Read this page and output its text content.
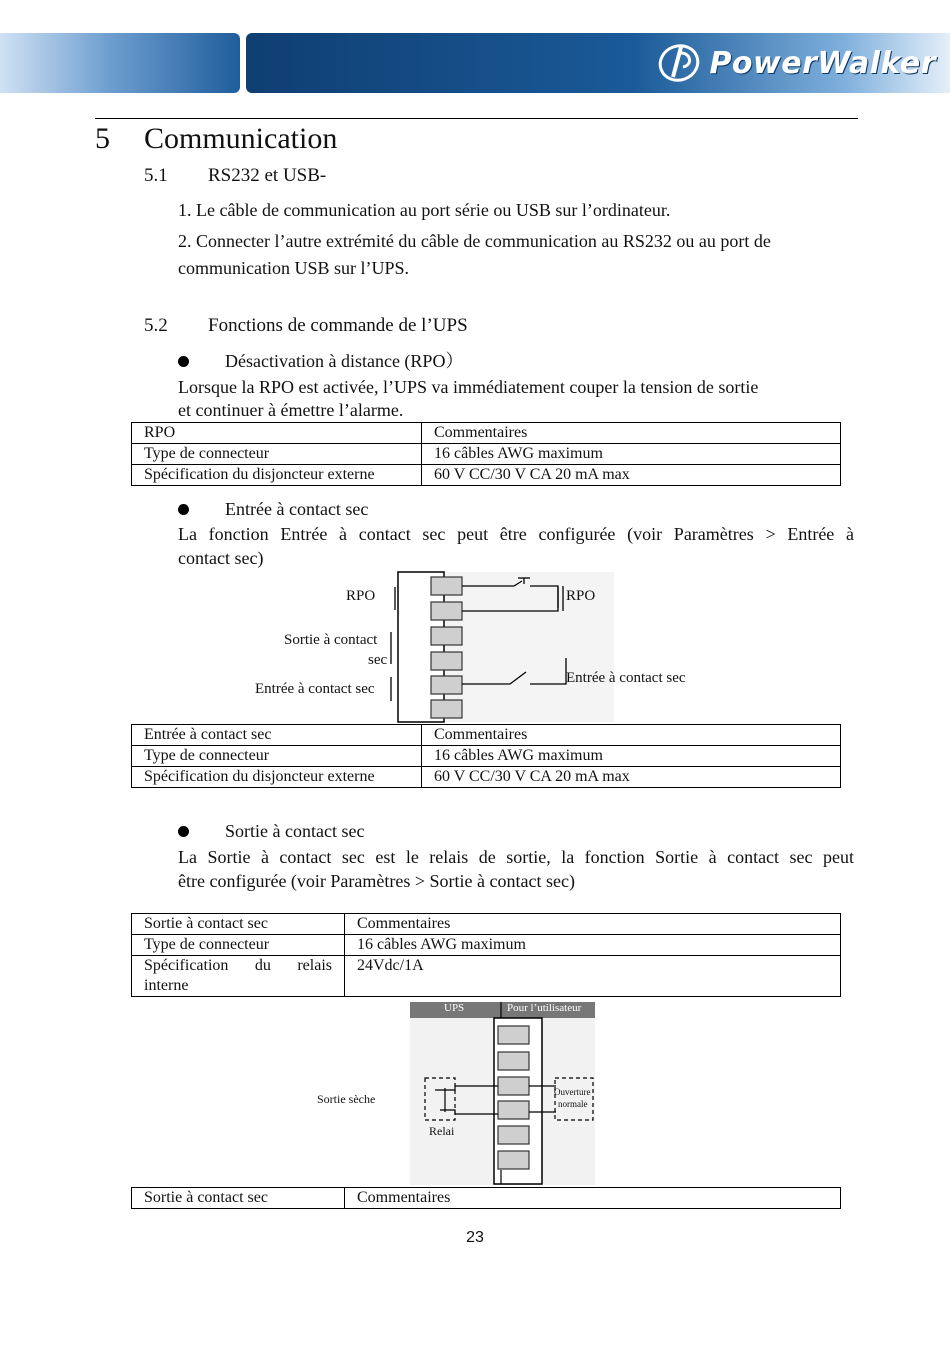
PowerWalker
5 Communication
5.1 RS232 et USB-
1. Le câble de communication au port série ou USB sur l’ordinateur.
2. Connecter l’autre extrémité du câble de communication au RS232 ou au port de
communication USB sur l’UPS.
5.2 Fonctions de commande de l’UPS
Désactivation à distance (RPO）
Lorsque la RPO est activée, l’UPS va immédiatement couper la tension de sortie
et continuer à émettre l’alarme.
RPO	Commentaires
Type de connecteur	16 câbles AWG maximum
Spécification du disjoncteur externe	60 V CC/30 V CA 20 mA max
Entrée à contact sec
La fonction Entrée à contact sec peut être configurée (voir Paramètres > Entrée à
contact sec)
RPO	RPO
Sortie à contact
sec
Entrée à contact sec
Entrée à contact sec
Entrée à contact sec	Commentaires
Type de connecteur	16 câbles AWG maximum
Spécification du disjoncteur externe	60 V CC/30 V CA 20 mA max
Sortie à contact sec
La Sortie à contact sec est le relais de sortie, la fonction Sortie à contact sec peut
être configurée (voir Paramètres > Sortie à contact sec)
Sortie à contact sec	Commentaires
Type de connecteur	16 câbles AWG maximum
Spécification du relais interne	24Vdc/1A
UPS	Pour l’utilisateur
Sortie sèche
Relai
Ouverture
normale
Sortie à contact sec	Commentaires
23
